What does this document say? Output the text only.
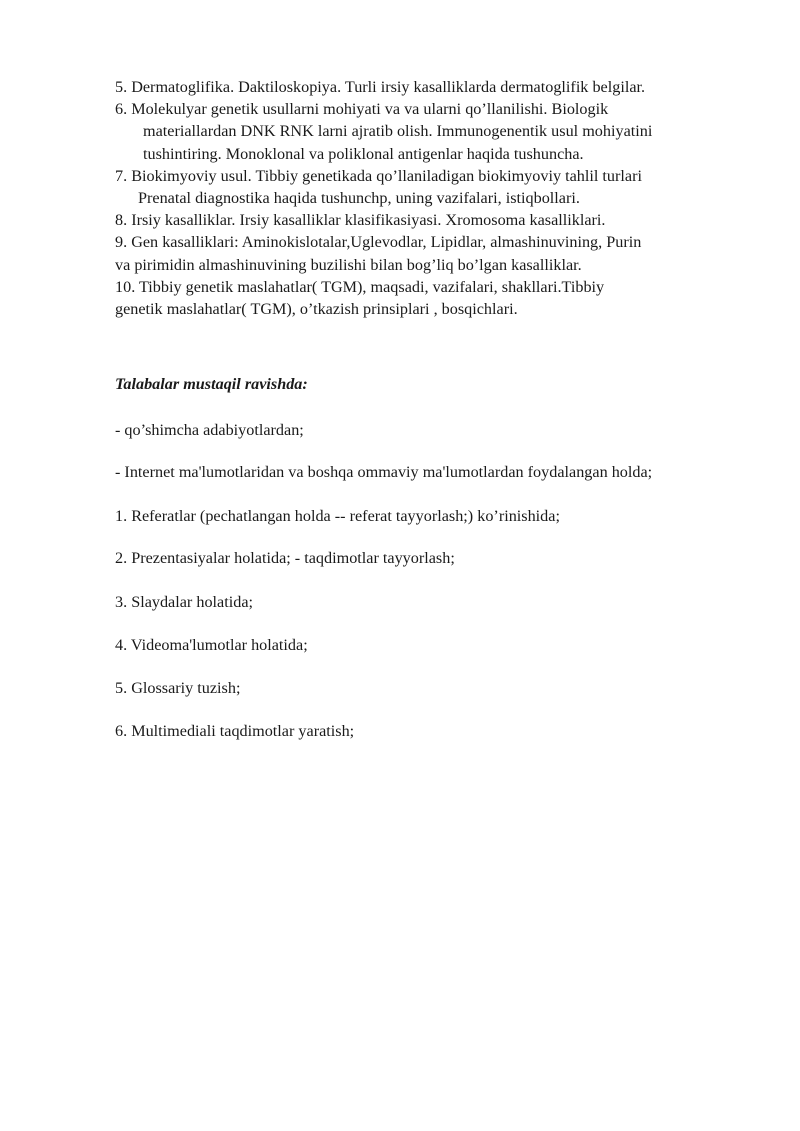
5. Dermatoglifika. Daktiloskopiya. Turli irsiy kasalliklarda dermatoglifik belgilar.
6. Molekulyar genetik usullarni mohiyati va va ularni qo’llanilishi. Biologik
materiallardan DNK RNK larni ajratib olish. Immunogenentik usul mohiyatini
tushintiring. Monoklonal va poliklonal antigenlar haqida tushuncha.
7. Biokimyoviy usul. Tibbiy genetikada qo’llaniladigan biokimyoviy tahlil turlari
Prenatal diagnostika haqida tushunchp, uning vazifalari, istiqbollari.
8. Irsiy kasalliklar. Irsiy kasalliklar klasifikasiyasi. Xromosoma kasalliklari.
9. Gen kasalliklari: Aminokislotalar,Uglevodlar, Lipidlar, almashinuvining, Purin
va pirimidin almashinuvining buzilishi bilan bog’liq bo’lgan kasalliklar.
10. Tibbiy genetik maslahatlar( TGM), maqsadi, vazifalari, shakllari.Tibbiy
genetik maslahatlar( TGM), o’tkazish prinsiplari , bosqichlari.
Talabalar mustaqil ravishda:
- qo’shimcha adabiyotlardan;
- Internet ma'lumotlaridan va boshqa ommaviy ma'lumotlardan foydalangan holda;
1. Referatlar (pechatlangan holda -- referat tayyorlash;) ko’rinishida;
2. Prezentasiyalar holatida; - taqdimotlar tayyorlash;
3. Slaydalar holatida;
4. Videoma'lumotlar holatida;
5. Glossariy tuzish;
6. Multimediali taqdimotlar yaratish;
